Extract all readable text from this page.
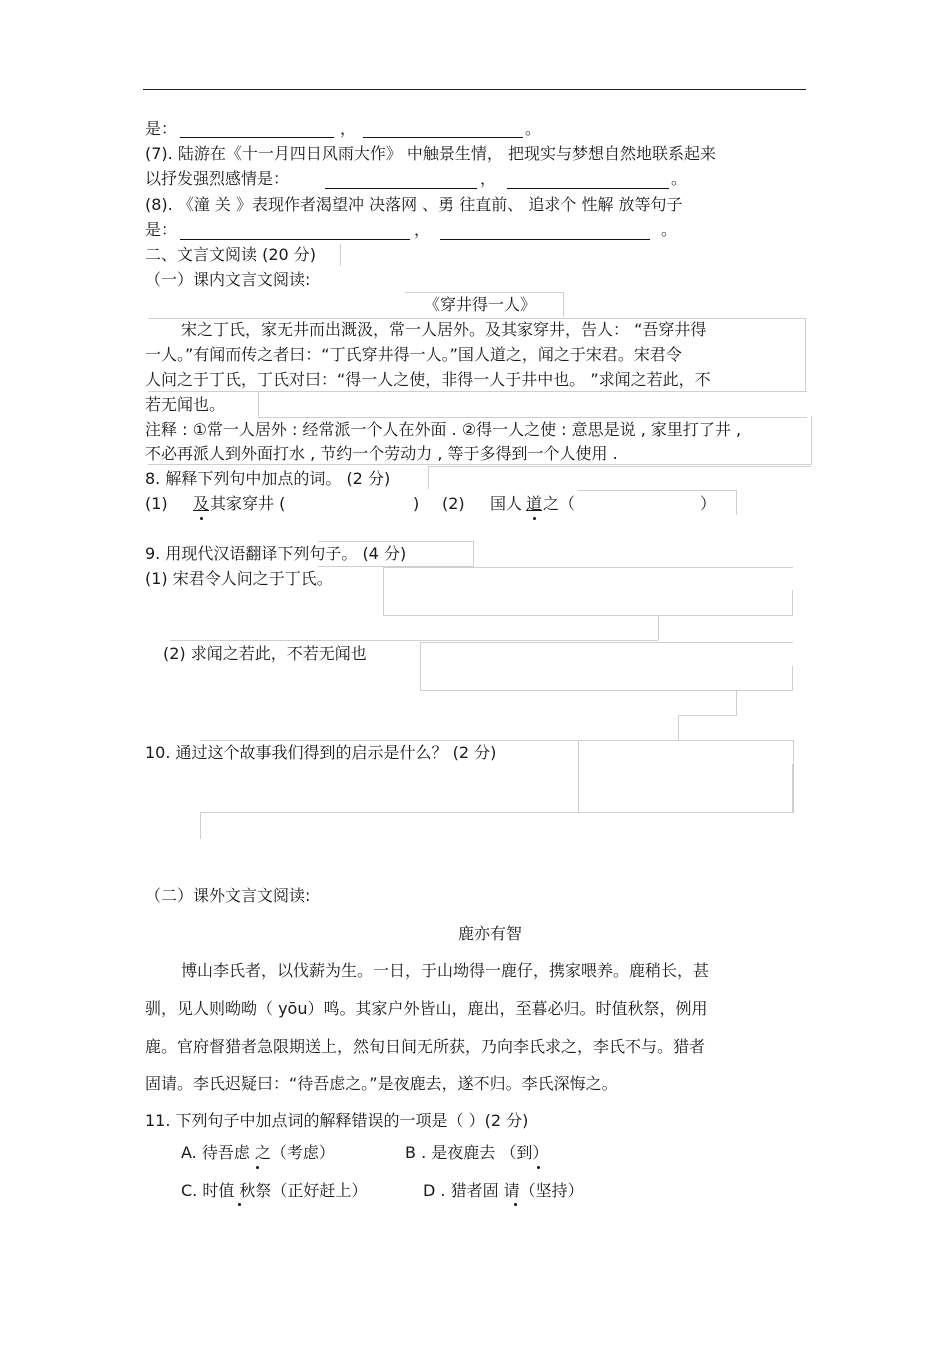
是：	，	。
(7). 陆游在《十一月四日风雨大作》 中触景生情， 把现实与梦想自然地联系起来
以抒发强烈感情是：	，	。
(8). 《潼 关 》表现作者渴望冲 决落网 、勇 往直前、 追求个 性解 放等句子
是：	，	。
二、文言文阅读 (20 分)
（一）课内文言文阅读:
《穿井得一人》
宋之丁氏，家无井而出溉汲，常一人居外。及其家穿井，告人： “吾穿井得
一人。”有闻而传之者曰：“丁氏穿井得一人。”国人道之，闻之于宋君。宋君令
人问之于丁氏，丁氏对曰：“得一人之使，非得一人于井中也。 ”求闻之若此，不
若无闻也。
注释 : ①常一人居外 : 经常派一个人在外面 . ②得一人之使 : 意思是说 , 家里打了井 ,
不必再派人到外面打水 , 节约一个劳动力 , 等于多得到一个人使用 .
8. 解释下列句中加点的词。 (2 分)
(1) 及 其家穿井 (	) (2) 国人 道 之（	）
9. 用现代汉语翻译下列句子。 (4 分)
(1) 宋君令人问之于丁氏。
(2) 求闻之若此，不若无闻也
10. 通过这个故事我们得到的启示是什么？ (2 分)
（二）课外文言文阅读:
鹿亦有智
博山李氏者，以伐薪为生。一日，于山坳得一鹿仔，携家喂养。鹿稍长，甚
驯，见人则呦呦（ yōu）鸣。其家户外皆山，鹿出，至暮必归。时值秋祭，例用
鹿。官府督猎者急限期送上，然旬日间无所获，乃向李氏求之，李氏不与。猎者
固请。李氏迟疑曰：“待吾虑之。”是夜鹿去，遂不归。李氏深悔之。
11. 下列句子中加点词的解释错误的一项是（ ）(2 分)
A. 待吾虑 之（考虑）	B . 是夜鹿去 （到）
C. 时值 秋祭（正好赶上）	D . 猎者固 请（坚持）
